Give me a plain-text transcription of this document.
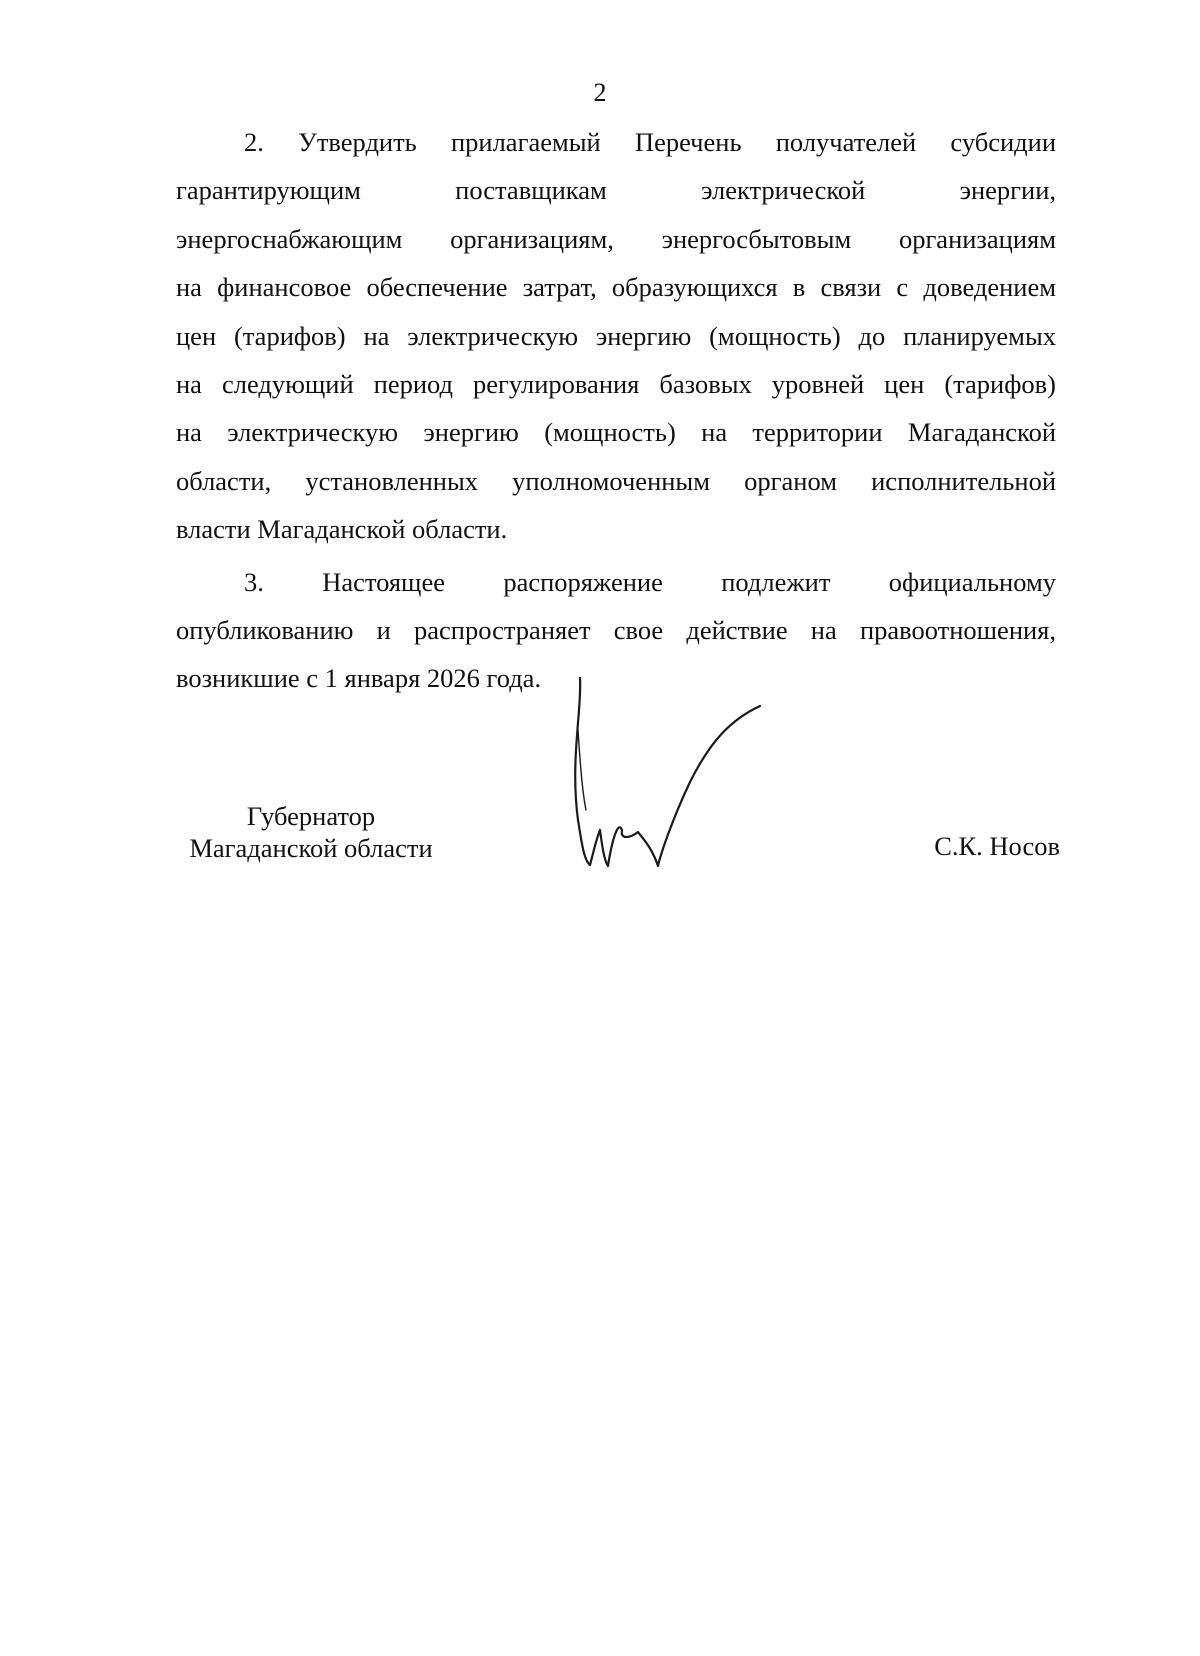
2
2. Утвердить прилагаемый Перечень получателей субсидии
гарантирующим поставщикам электрической энергии,
энергоснабжающим организациям, энергосбытовым организациям
на финансовое обеспечение затрат, образующихся в связи с доведением
цен (тарифов) на электрическую энергию (мощность) до планируемых
на следующий период регулирования базовых уровней цен (тарифов)
на электрическую энергию (мощность) на территории Магаданской
области, установленных уполномоченным органом исполнительной
власти Магаданской области.
3. Настоящее распоряжение подлежит официальному
опубликованию и распространяет свое действие на правоотношения,
возникшие с 1 января 2026 года.
Губернатор
Магаданской области	С.К. Носов
